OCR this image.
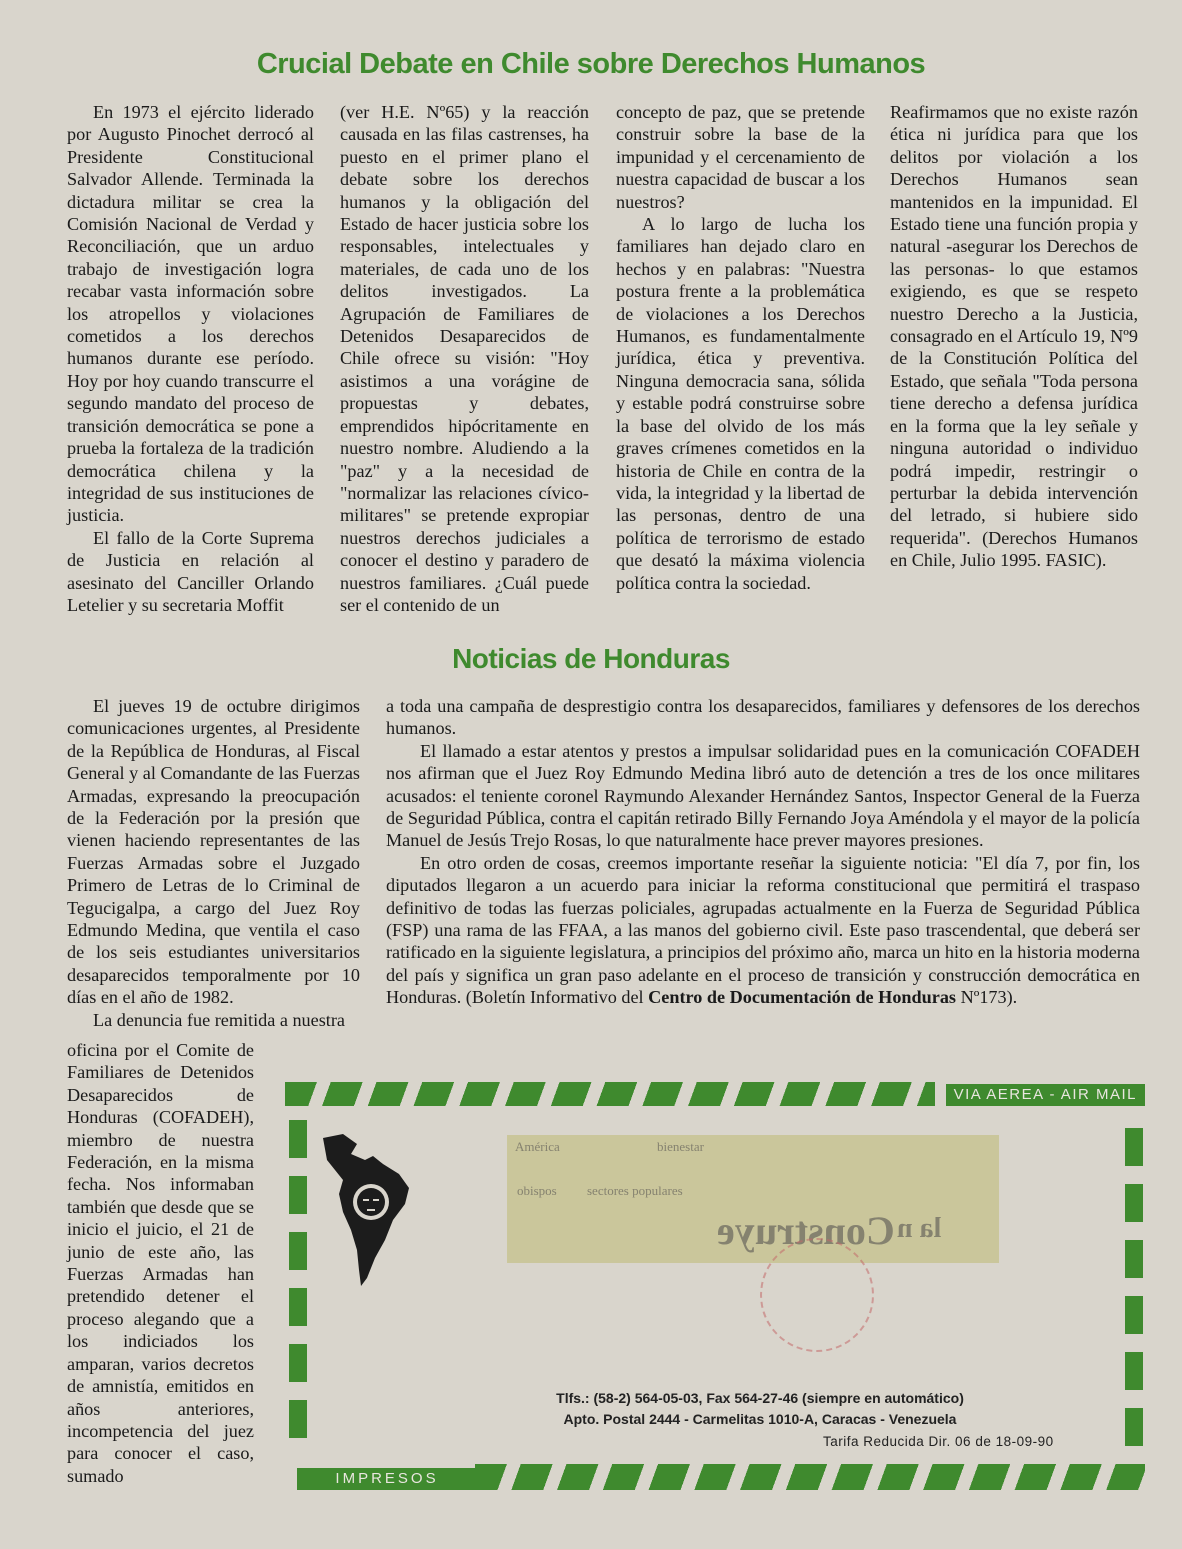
Crucial Debate en Chile sobre Derechos Humanos

En 1973 el ejército liderado por Augusto Pinochet derrocó al Presidente Constitucional Salvador Allende. Terminada la dictadura militar se crea la Comisión Nacional de Verdad y Reconciliación, que un arduo trabajo de investigación logra recabar vasta información sobre los atropellos y violaciones cometidos a los derechos humanos durante ese período. Hoy por hoy cuando transcurre el segundo mandato del proceso de transición democrática se pone a prueba la fortaleza de la tradición democrática chilena y la integridad de sus instituciones de justicia.

El fallo de la Corte Suprema de Justicia en relación al asesinato del Canciller Orlando Letelier y su secretaria Moffit

(ver H.E. Nº65) y la reacción causada en las filas castrenses, ha puesto en el primer plano el debate sobre los derechos humanos y la obligación del Estado de hacer justicia sobre los responsables, intelectuales y materiales, de cada uno de los delitos investigados. La Agrupación de Familiares de Detenidos Desaparecidos de Chile ofrece su visión: "Hoy asistimos a una vorágine de propuestas y debates, emprendidos hipócritamente en nuestro nombre. Aludiendo a la "paz" y a la necesidad de "normalizar las relaciones cívico-militares" se pretende expropiar nuestros derechos judiciales a conocer el destino y paradero de nuestros familiares. ¿Cuál puede ser el contenido de un

concepto de paz, que se pretende construir sobre la base de la impunidad y el cercenamiento de nuestra capacidad de buscar a los nuestros?

A lo largo de lucha los familiares han dejado claro en hechos y en palabras: "Nuestra postura frente a la problemática de violaciones a los Derechos Humanos, es fundamentalmente jurídica, ética y preventiva. Ninguna democracia sana, sólida y estable podrá construirse sobre la base del olvido de los más graves crímenes cometidos en la historia de Chile en contra de la vida, la integridad y la libertad de las personas, dentro de una política de terrorismo de estado que desató la máxima violencia política contra la sociedad.

Reafirmamos que no existe razón ética ni jurídica para que los delitos por violación a los Derechos Humanos sean mantenidos en la impunidad. El Estado tiene una función propia y natural -asegurar los Derechos de las personas- lo que estamos exigiendo, es que se respeto nuestro Derecho a la Justicia, consagrado en el Artículo 19, Nº9 de la Constitución Política del Estado, que señala "Toda persona tiene derecho a defensa jurídica en la forma que la ley señale y ninguna autoridad o individuo podrá impedir, restringir o perturbar la debida intervención del letrado, si hubiere sido requerida". (Derechos Humanos en Chile, Julio 1995. FASIC).

Noticias de Honduras

El jueves 19 de octubre dirigimos comunicaciones urgentes, al Presidente de la República de Honduras, al Fiscal General y al Comandante de las Fuerzas Armadas, expresando la preocupación de la Federación por la presión que vienen haciendo representantes de las Fuerzas Armadas sobre el Juzgado Primero de Letras de lo Criminal de Tegucigalpa, a cargo del Juez Roy Edmundo Medina, que ventila el caso de los seis estudiantes universitarios desaparecidos temporalmente por 10 días en el año de 1982.

La denuncia fue remitida a nuestra

oficina por el Comite de Familiares de Detenidos Desaparecidos de Honduras (COFADEH), miembro de nuestra Federación, en la misma fecha. Nos informaban también que desde que se inicio el juicio, el 21 de junio de este año, las Fuerzas Armadas han pretendido detener el proceso alegando que a los indiciados los amparan, varios decretos de amnistía, emitidos en años anteriores, incompetencia del juez para conocer el caso, sumado

a toda una campaña de desprestigio contra los desaparecidos, familiares y defensores de los derechos humanos.

El llamado a estar atentos y prestos a impulsar solidaridad pues en la comunicación COFADEH nos afirman que el Juez Roy Edmundo Medina libró auto de detención a tres de los once militares acusados: el teniente coronel Raymundo Alexander Hernández Santos, Inspector General de la Fuerza de Seguridad Pública, contra el capitán retirado Billy Fernando Joya Améndola y el mayor de la policía Manuel de Jesús Trejo Rosas, lo que naturalmente hace prever mayores presiones.

En otro orden de cosas, creemos importante reseñar la siguiente noticia: "El día 7, por fin, los diputados llegaron a un acuerdo para iniciar la reforma constitucional que permitirá el traspaso definitivo de todas las fuerzas policiales, agrupadas actualmente en la Fuerza de Seguridad Pública (FSP) una rama de las FFAA, a las manos del gobierno civil. Este paso trascendental, que deberá ser ratificado en la siguiente legislatura, a principios del próximo año, marca un hito en la historia moderna del país y significa un gran paso adelante en el proceso de transición y construcción democrática en Honduras. (Boletín Informativo del Centro de Documentación de Honduras Nº173).

VIA AEREA - AIR MAIL
IMPRESOS
América	bienestar
obispos sectores populares
Construye la n
Tlfs.: (58-2) 564-05-03, Fax 564-27-46 (siempre en automático)
Apto. Postal 2444 - Carmelitas 1010-A, Caracas - Venezuela
Tarifa Reducida Dir. 06 de 18-09-90
